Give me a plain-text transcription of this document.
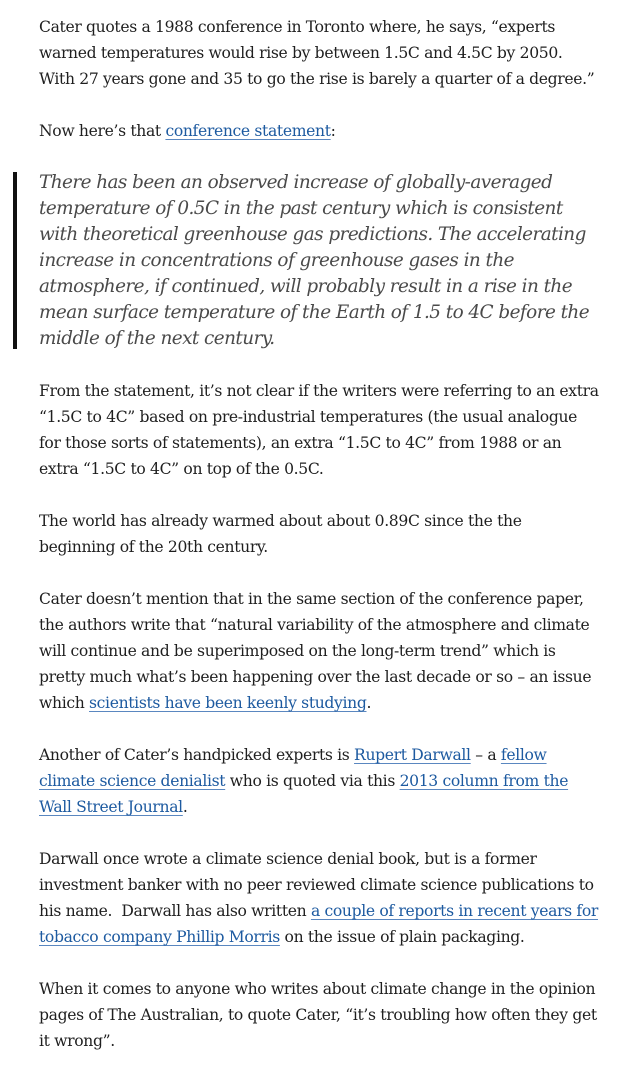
Cater quotes a 1988 conference in Toronto where, he says, “experts warned temperatures would rise by between 1.5C and 4.5C by 2050. With 27 years gone and 35 to go the rise is barely a quarter of a degree.”

Now here’s that conference statement:

There has been an observed increase of globally-averaged temperature of 0.5C in the past century which is consistent with theoretical greenhouse gas predictions. The accelerating increase in concentrations of greenhouse gases in the atmosphere, if continued, will probably result in a rise in the mean surface temperature of the Earth of 1.5 to 4C before the middle of the next century.

From the statement, it’s not clear if the writers were referring to an extra “1.5C to 4C” based on pre-industrial temperatures (the usual analogue for those sorts of statements), an extra “1.5C to 4C” from 1988 or an extra “1.5C to 4C” on top of the 0.5C.

The world has already warmed about about 0.89C since the the beginning of the 20th century.

Cater doesn’t mention that in the same section of the conference paper, the authors write that “natural variability of the atmosphere and climate will continue and be superimposed on the long-term trend” which is pretty much what’s been happening over the last decade or so – an issue which scientists have been keenly studying.

Another of Cater’s handpicked experts is Rupert Darwall – a fellow climate science denialist who is quoted via this 2013 column from the Wall Street Journal.

Darwall once wrote a climate science denial book, but is a former investment banker with no peer reviewed climate science publications to his name.  Darwall has also written a couple of reports in recent years for tobacco company Phillip Morris on the issue of plain packaging.

When it comes to anyone who writes about climate change in the opinion pages of The Australian, to quote Cater, “it’s troubling how often they get it wrong”.
